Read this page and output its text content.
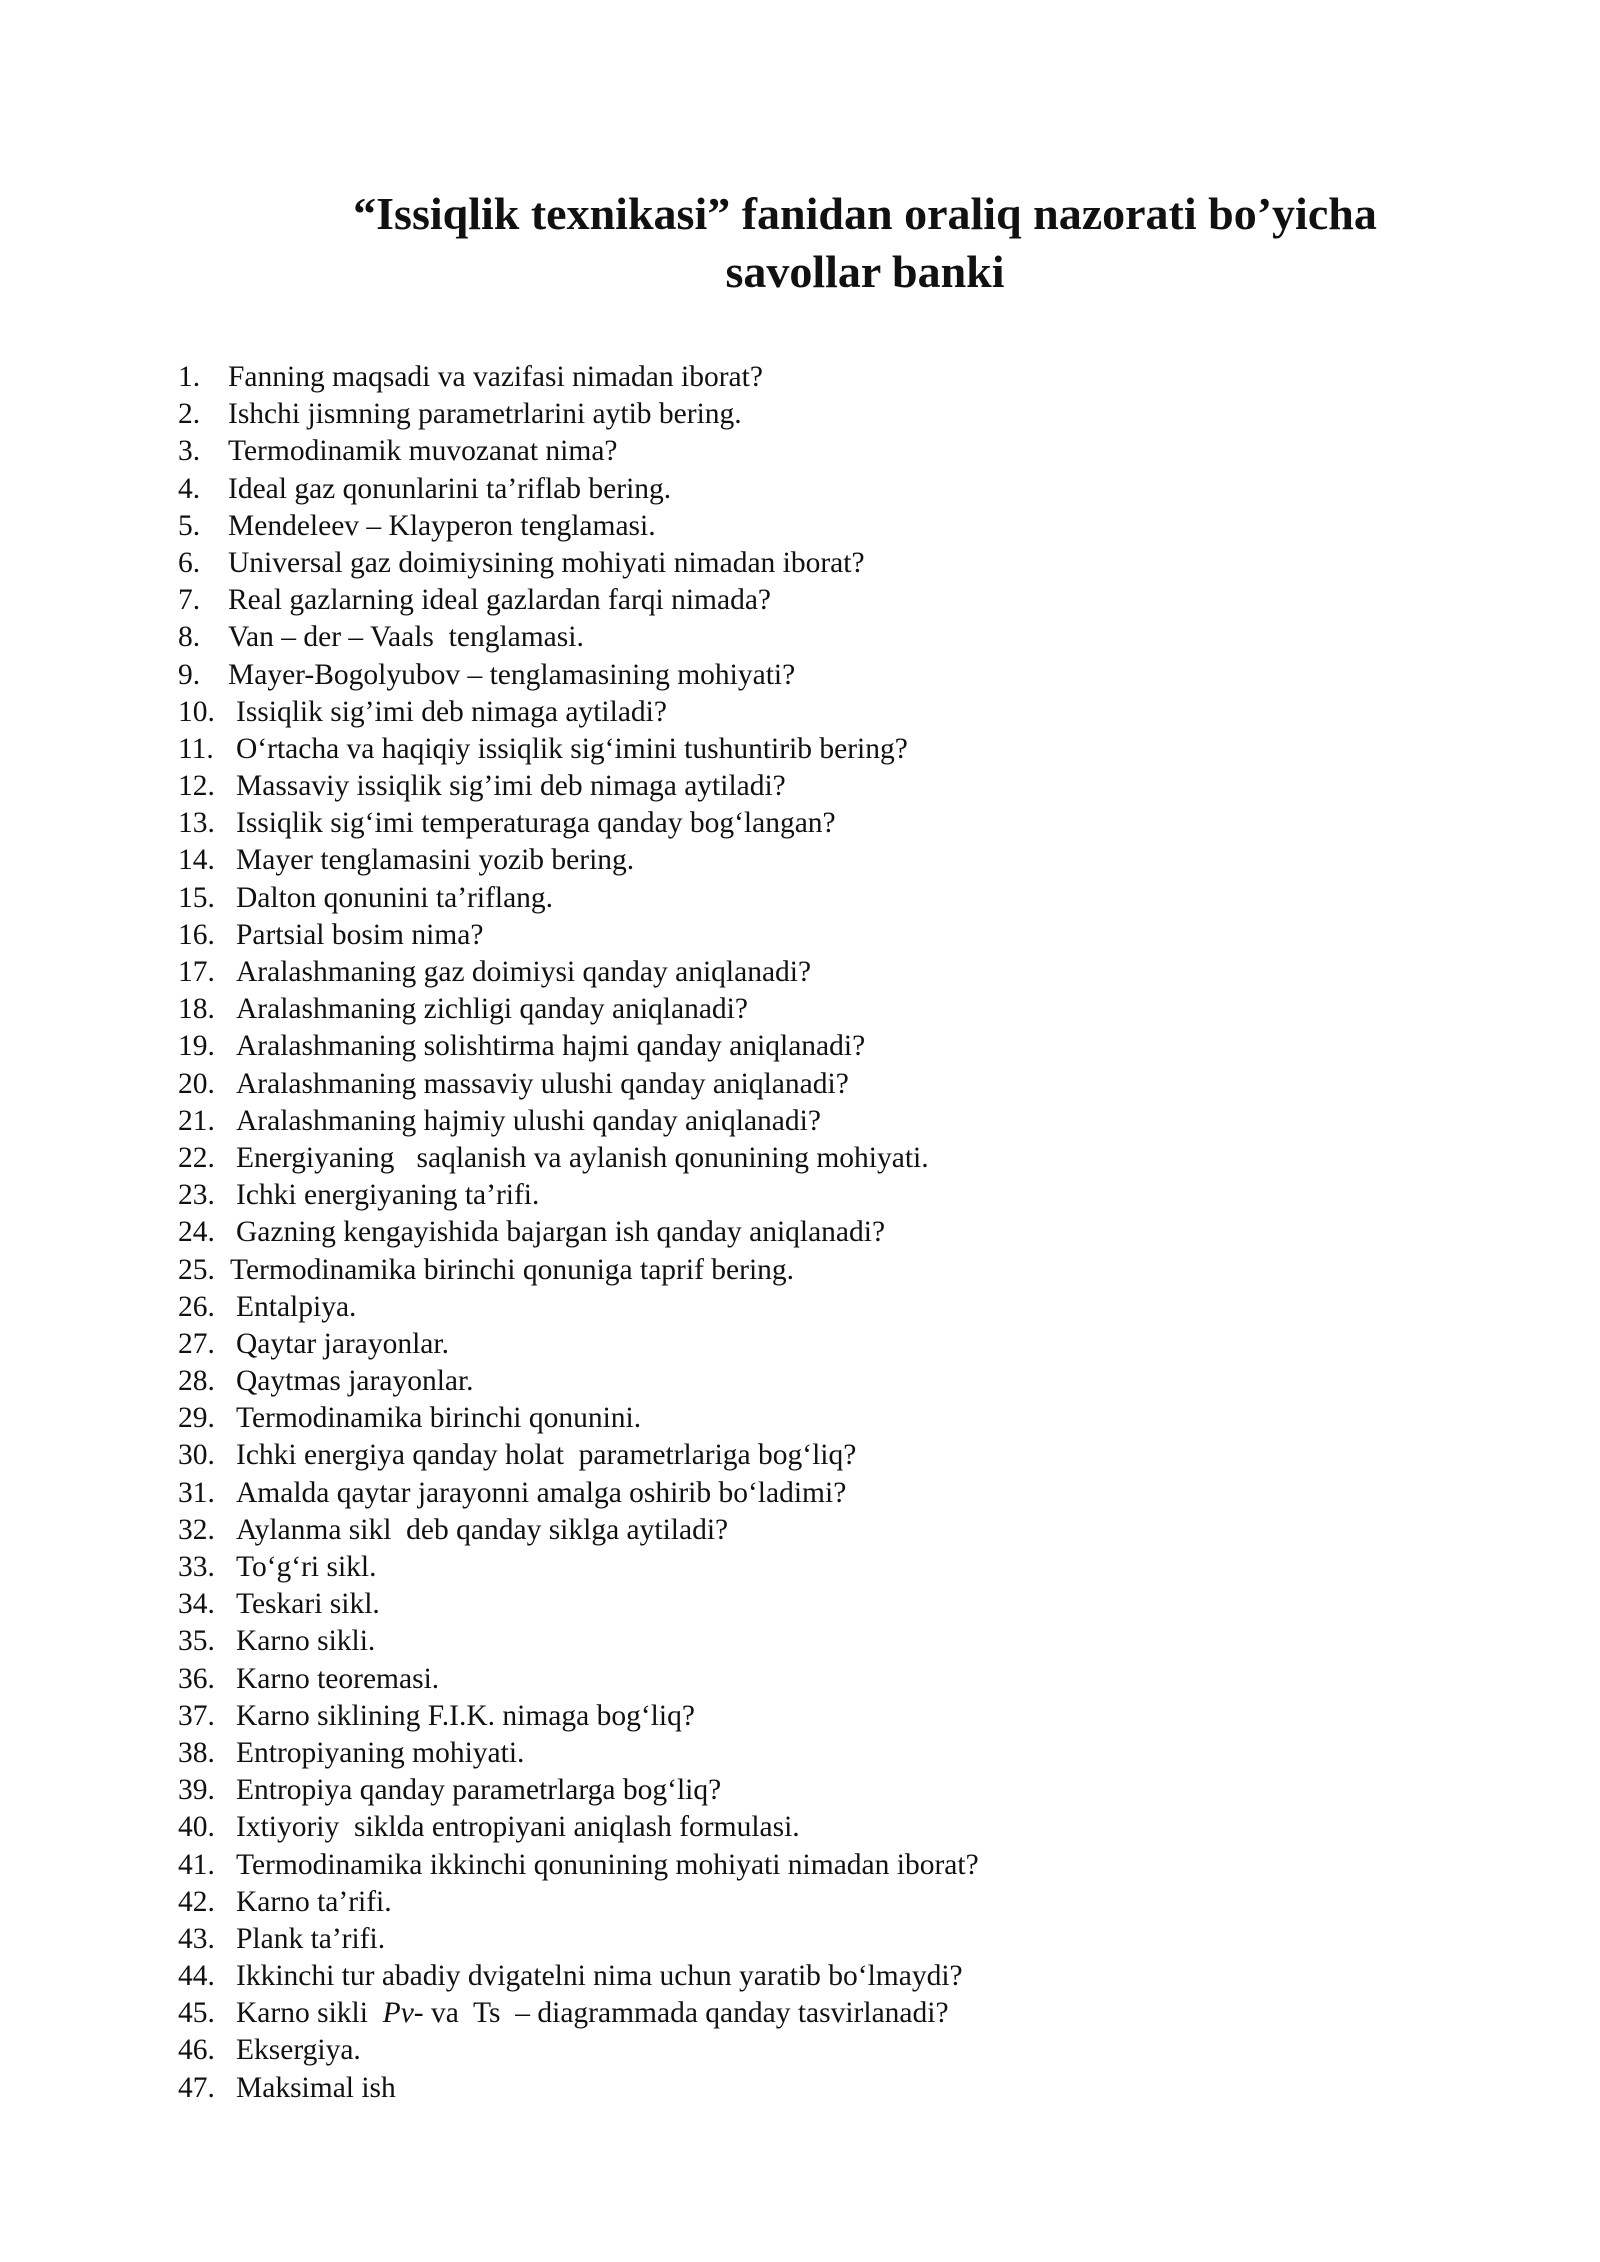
“Issiqlik texnikasi” fanidan oraliq nazorati bo’yicha
savollar banki
1. Fanning maqsadi va vazifasi nimadan iborat?
2. Ishchi jismning parametrlarini aytib bering.
3. Termodinamik muvozanat nima?
4. Ideal gaz qonunlarini ta’riflab bering.
5. Mendeleev – Klayperon tenglamasi.
6. Universal gaz doimiysining mohiyati nimadan iborat?
7. Real gazlarning ideal gazlardan farqi nimada?
8. Van – der – Vaals  tenglamasi.
9. Mayer-Bogolyubov – tenglamasining mohiyati?
10. Issiqlik sig’imi deb nimaga aytiladi?
11. O‘rtacha va haqiqiy issiqlik sig‘imini tushuntirib bering?
12. Massaviy issiqlik sig’imi deb nimaga aytiladi?
13. Issiqlik sig‘imi temperaturaga qanday bog‘langan?
14. Mayer tenglamasini yozib bering.
15. Dalton qonunini ta’riflang.
16. Partsial bosim nima?
17. Aralashmaning gaz doimiysi qanday aniqlanadi?
18. Aralashmaning zichligi qanday aniqlanadi?
19. Aralashmaning solishtirma hajmi qanday aniqlanadi?
20. Aralashmaning massaviy ulushi qanday aniqlanadi?
21. Aralashmaning hajmiy ulushi qanday aniqlanadi?
22. Energiyaning   saqlanish va aylanish qonunining mohiyati.
23. Ichki energiyaning ta’rifi.
24. Gazning kengayishida bajargan ish qanday aniqlanadi?
25. Termodinamika birinchi qonuniga taprif bering.
26. Entalpiya.
27. Qaytar jarayonlar.
28. Qaytmas jarayonlar.
29. Termodinamika birinchi qonunini.
30. Ichki energiya qanday holat  parametrlariga bog‘liq?
31. Amalda qaytar jarayonni amalga oshirib bo‘ladimi?
32. Aylanma sikl  deb qanday siklga aytiladi?
33. To‘g‘ri sikl.
34. Teskari sikl.
35. Karno sikli.
36. Karno teoremasi.
37. Karno siklining F.I.K. nimaga bog‘liq?
38. Entropiyaning mohiyati.
39. Entropiya qanday parametrlarga bog‘liq?
40. Ixtiyoriy  siklda entropiyani aniqlash formulasi.
41. Termodinamika ikkinchi qonunining mohiyati nimadan iborat?
42. Karno ta’rifi.
43. Plank ta’rifi.
44. Ikkinchi tur abadiy dvigatelni nima uchun yaratib bo‘lmaydi?
45. Karno sikli  Pv- va  Ts  – diagrammada qanday tasvirlanadi?
46. Eksergiya.
47. Maksimal ish
